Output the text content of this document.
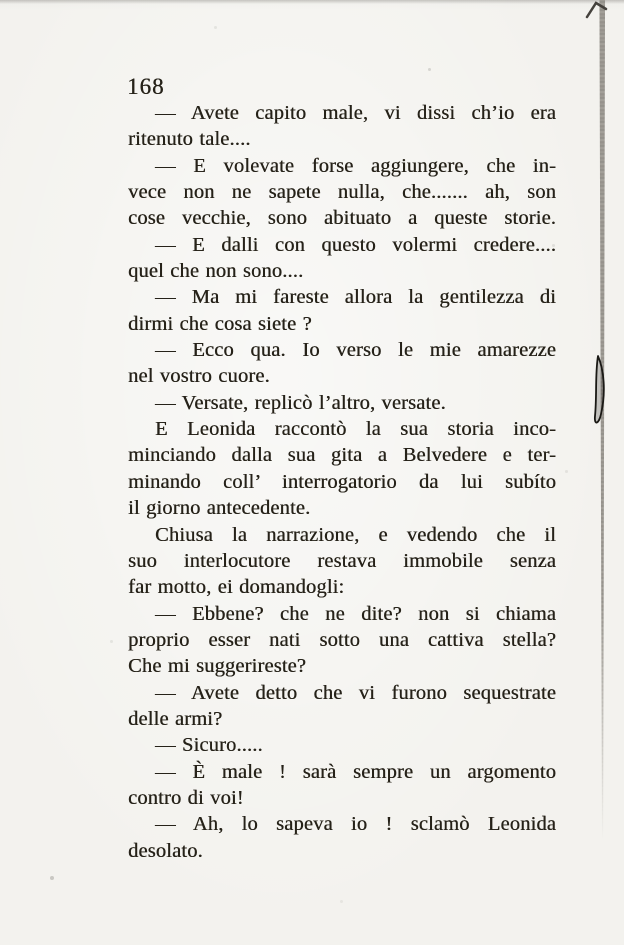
168
— Avete capito male, vi dissi ch’io era
ritenuto tale....
— E volevate forse aggiungere, che in-
vece non ne sapete nulla, che....... ah, son
cose vecchie, sono abituato a queste storie.
— E dalli con questo volermi credere....
quel che non sono....
— Ma mi fareste allora la gentilezza di
dirmi che cosa siete ?
— Ecco qua. Io verso le mie amarezze
nel vostro cuore.
— Versate, replicò l’altro, versate.
E Leonida raccontò la sua storia inco-
minciando dalla sua gita a Belvedere e ter-
minando coll’ interrogatorio da lui subíto
il giorno antecedente.
Chiusa la narrazione, e vedendo che il
suo interlocutore restava immobile senza
far motto, ei domandogli:
— Ebbene? che ne dite? non si chiama
proprio esser nati sotto una cattiva stella?
Che mi suggerireste?
— Avete detto che vi furono sequestrate
delle armi?
— Sicuro.....
— È male ! sarà sempre un argomento
contro di voi!
— Ah, lo sapeva io ! sclamò Leonida
desolato.
